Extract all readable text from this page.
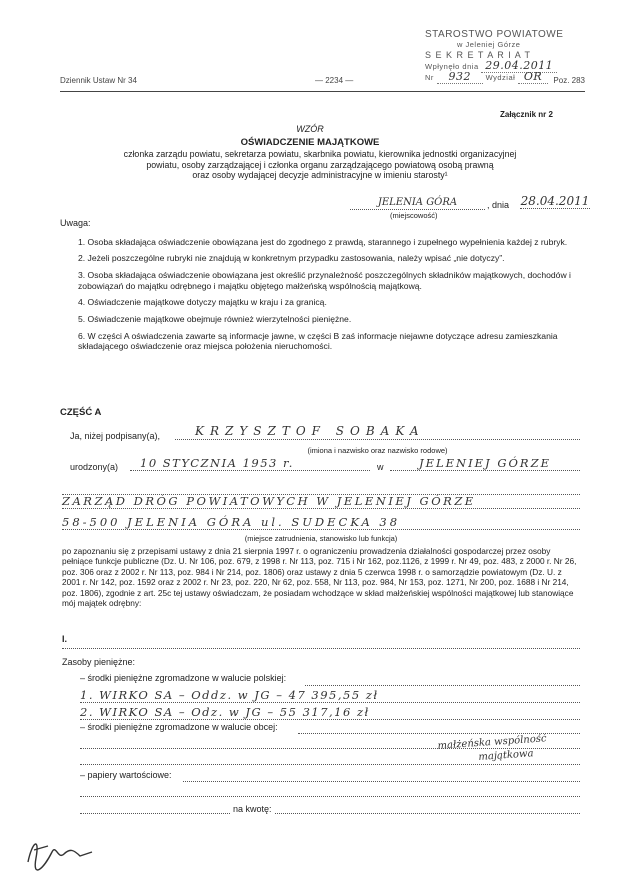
STAROSTWO POWIATOWE
w Jeleniej Górze
S E K R E T A R I A T
Wpłynęło dnia 29.04.2011
Nr 932 Wydział OR
Dziennik Ustaw Nr 34	— 2234 —	Poz. 283
Załącznik nr 2
WZÓR
OŚWIADCZENIE MAJĄTKOWE
członka zarządu powiatu, sekretarza powiatu, skarbnika powiatu, kierownika jednostki organizacyjnej
powiatu, osoby zarządzającej i członka organu zarządzającego powiatową osobą prawną
oraz osoby wydającej decyzje administracyjne w imieniu starosty¹
JELENIA GÓRA	, dnia 28.04.2011
(miejscowość)
Uwaga:
1. Osoba składająca oświadczenie obowiązana jest do zgodnego z prawdą, starannego i zupełnego wypełnienia każdej z rubryk.
2. Jeżeli poszczególne rubryki nie znajdują w konkretnym przypadku zastosowania, należy wpisać „nie dotyczy”.
3. Osoba składająca oświadczenie obowiązana jest określić przynależność poszczególnych składników majątkowych, dochodów i zobowiązań do majątku odrębnego i majątku objętego małżeńską wspólnością majątkową.
4. Oświadczenie majątkowe dotyczy majątku w kraju i za granicą.
5. Oświadczenie majątkowe obejmuje również wierzytelności pieniężne.
6. W części A oświadczenia zawarte są informacje jawne, w części B zaś informacje niejawne dotyczące adresu zamieszkania składającego oświadczenie oraz miejsca położenia nieruchomości.
CZĘŚĆ A
Ja, niżej podpisany(a),	KRZYSZTOF SOBAKA
(imiona i nazwisko oraz nazwisko rodowe)
urodzony(a)	10 STYCZNIA 1953 r.	w	JELENIEJ GÓRZE
ZARZĄD DRÓG POWIATOWYCH W JELENIEJ GÓRZE
58-500 JELENIA GÓRA ul. SUDECKA 38
(miejsce zatrudnienia, stanowisko lub funkcja)
po zapoznaniu się z przepisami ustawy z dnia 21 sierpnia 1997 r. o ograniczeniu prowadzenia działalności gospodarczej przez osoby pełniące funkcje publiczne (Dz. U. Nr 106, poz. 679, z 1998 r. Nr 113, poz. 715 i Nr 162, poz.1126, z 1999 r. Nr 49, poz. 483, z 2000 r. Nr 26, poz. 306 oraz z 2002 r. Nr 113, poz. 984 i Nr 214, poz. 1806) oraz ustawy z dnia 5 czerwca 1998 r. o samorządzie powiatowym (Dz. U. z 2001 r. Nr 142, poz. 1592 oraz z 2002 r. Nr 23, poz. 220, Nr 62, poz. 558, Nr 113, poz. 984, Nr 153, poz. 1271, Nr 200, poz. 1688 i Nr 214, poz. 1806), zgodnie z art. 25c tej ustawy oświadczam, że posiadam wchodzące w skład małżeńskiej wspólności majątkowej lub stanowiące mój majątek odrębny:
I.
Zasoby pieniężne:
– środki pieniężne zgromadzone w walucie polskiej:
1. WIRKO SA – Oddz. w JG – 47 395,55 zł
2. WIRKO SA – Odz. w JG – 55 317,16 zł
– środki pieniężne zgromadzone w walucie obcej:
małżeńska wspólność
majątkowa
– papiery wartościowe:
na kwotę:
